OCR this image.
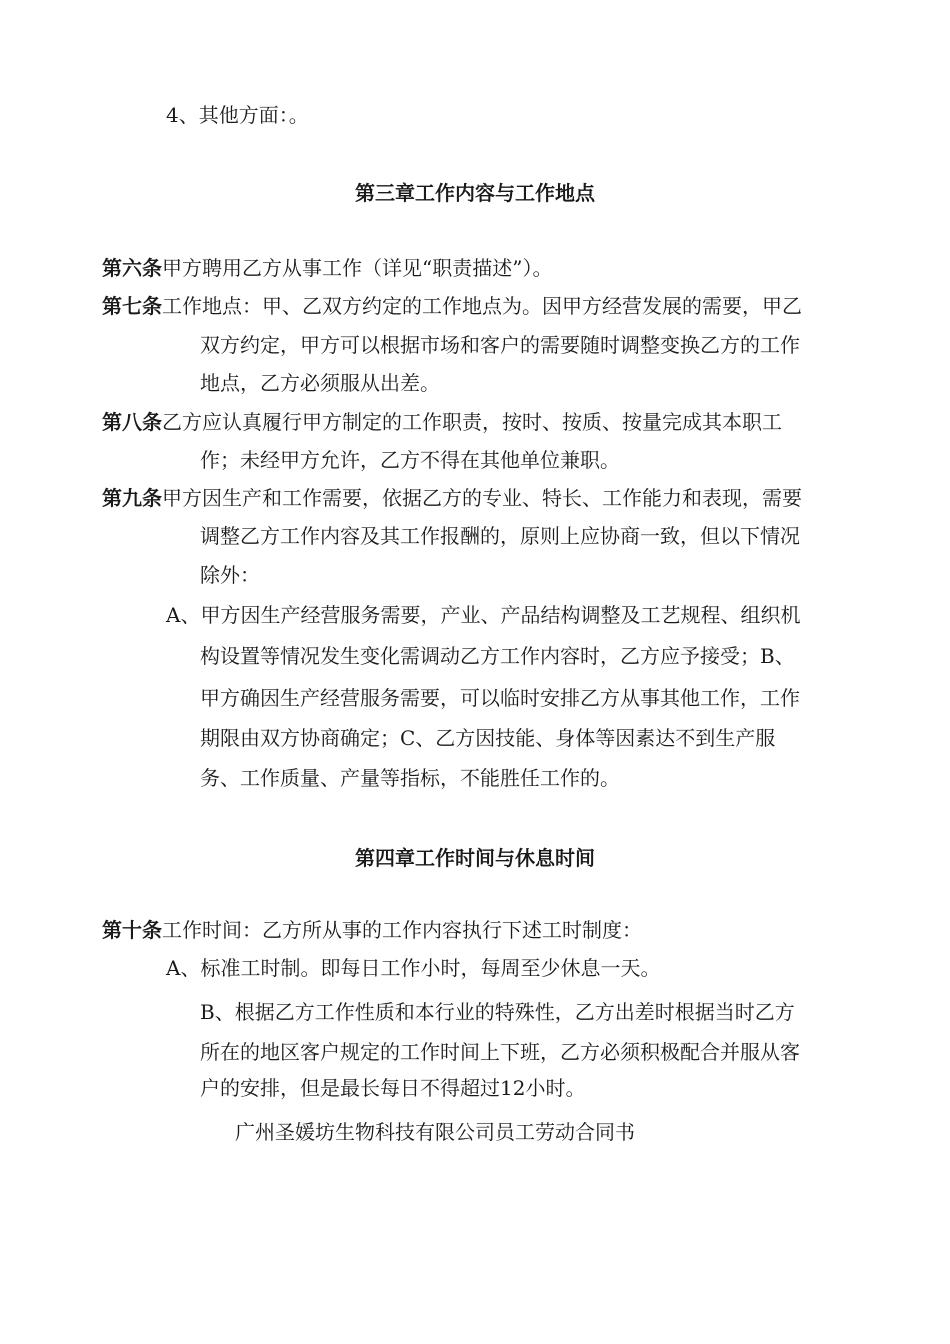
4、其他方面：。
第三章工作内容与工作地点
第六条甲方聘用乙方从事工作（详见“职责描述”）。
第七条工作地点：甲、乙双方约定的工作地点为。因甲方经营发展的需要，甲乙
双方约定，甲方可以根据市场和客户的需要随时调整变换乙方的工作
地点，乙方必须服从出差。
第八条乙方应认真履行甲方制定的工作职责，按时、按质、按量完成其本职工
作；未经甲方允许，乙方不得在其他单位兼职。
第九条甲方因生产和工作需要，依据乙方的专业、特长、工作能力和表现，需要
调整乙方工作内容及其工作报酬的，原则上应协商一致，但以下情况
除外：
A、甲方因生产经营服务需要，产业、产品结构调整及工艺规程、组织机
构设置等情况发生变化需调动乙方工作内容时，乙方应予接受；B、
甲方确因生产经营服务需要，可以临时安排乙方从事其他工作，工作
期限由双方协商确定；C、乙方因技能、身体等因素达不到生产服
务、工作质量、产量等指标，不能胜任工作的。
第四章工作时间与休息时间
第十条工作时间：乙方所从事的工作内容执行下述工时制度：
A、标准工时制。即每日工作小时，每周至少休息一天。
B、根据乙方工作性质和本行业的特殊性，乙方出差时根据当时乙方
所在的地区客户规定的工作时间上下班，乙方必须积极配合并服从客
户的安排，但是最长每日不得超过12小时。
广州圣媛坊生物科技有限公司员工劳动合同书
